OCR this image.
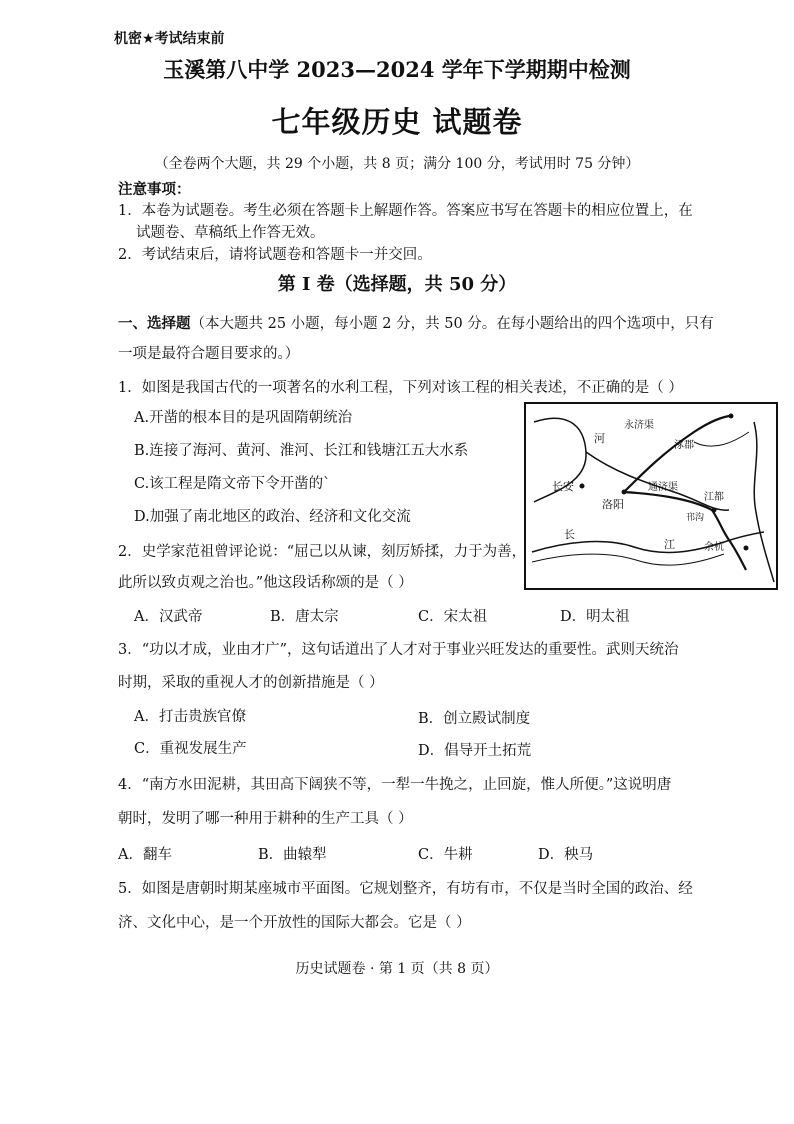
机密★考试结束前
玉溪第八中学 2023—2024 学年下学期期中检测
七年级历史 试题卷
（全卷两个大题，共 29 个小题，共 8 页；满分 100 分，考试用时 75 分钟）
注意事项：
1．本卷为试题卷。考生必须在答题卡上解题作答。答案应书写在答题卡的相应位置上，在
试题卷、草稿纸上作答无效。
2．考试结束后，请将试题卷和答题卡一并交回。
第 Ⅰ 卷（选择题，共 50 分）
一、选择题（本大题共 25 小题，每小题 2 分，共 50 分。在每小题给出的四个选项中，只有
一项是最符合题目要求的。）
1．如图是我国古代的一项著名的水利工程，下列对该工程的相关表述，不正确的是（ ）
A.开凿的根本目的是巩固隋朝统治
B.连接了海河、黄河、淮河、长江和钱塘江五大水系
C.该工程是隋文帝下令开凿的`
D.加强了南北地区的政治、经济和文化交流
涿郡
永济渠
长安
洛阳
通济渠
江都
余杭
河
长
江
邗沟
2．史学家范祖曾评论说：“屈己以从谏，刻厉矫揉，力于为善，
此所以致贞观之治也。”他这段话称颂的是（ ）
A．汉武帝	B．唐太宗	C．宋太祖	D．明太祖
3．“功以才成，业由才广”，这句话道出了人才对于事业兴旺发达的重要性。武则天统治
时期，采取的重视人才的创新措施是（ ）
A．打击贵族官僚	B．创立殿试制度
C．重视发展生产	D．倡导开土拓荒
4．“南方水田泥耕，其田高下阔狭不等，一犁一牛挽之，止回旋，惟人所便。”这说明唐
朝时，发明了哪一种用于耕种的生产工具（ ）
A．翻车	B．曲辕犁	C．牛耕	D．秧马
5．如图是唐朝时期某座城市平面图。它规划整齐，有坊有市，不仅是当时全国的政治、经
济、文化中心，是一个开放性的国际大都会。它是（ ）
历史试题卷 · 第 1 页（共 8 页）
